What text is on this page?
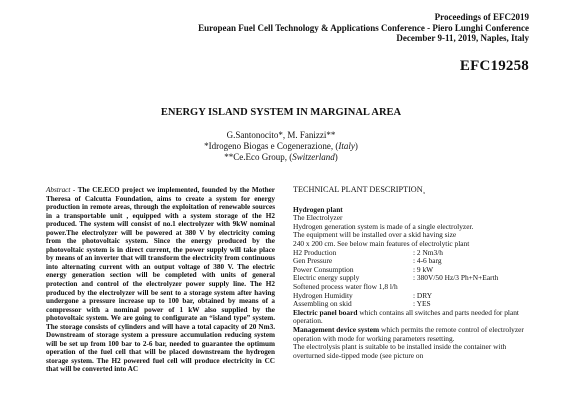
Proceedings of EFC2019
European Fuel Cell Technology & Applications Conference - Piero Lunghi Conference
December 9-11, 2019, Naples, Italy
EFC19258
ENERGY ISLAND SYSTEM IN MARGINAL AREA
G.Santonocito*, M. Fanizzi**
*Idrogeno Biogas e Cogenerazione, (Italy)
**Ce.Eco Group, (Switzerland)
Abstract - The CE.ECO project we implemented, founded by the Mother Theresa of Calcutta Foundation, aims to create a system for energy production in remote areas, through the exploitation of renewable sources in a transportable unit , equipped with a system storage of the H2 produced. The system will consist of no.1 electrolyzer with 9kW nominal power.The electrolyzer will be powered at 380 V by electricity coming from the photovoltaic system. Since the energy produced by the photovoltaic system is in direct current, the power supply will take place by means of an inverter that will transform the electricity from continuous into alternating current with an output voltage of 380 V. The electric energy generation section will be completed with units of general protection and control of the electrolyzer power supply line. The H2 produced by the electrolyzer will be sent to a storage system after having undergone a pressure increase up to 100 bar, obtained by means of a compressor with a nominal power of 1 kW also supplied by the photovoltaic system. We are going to configurate an “island type” system. The storage consists of cylinders and will have a total capacity of 20 Nm3. Downstream of storage system a pressure accumulation reducing system will be set up from 100 bar to 2-6 bar, needed to guarantee the optimum operation of the fuel cell that will be placed downstream the hydrogen storage system. The H2 powered fuel cell will produce electricity in CC that will be converted into AC
TECHNICAL PLANT DESCRIPTION¸
Hydrogen plant
The Electrolyzer
Hydrogen generation system is made of a single electrolyzer.
The equipment will be installed over a skid having size
240 x 200 cm. See below main features of electrolytic plant
H2 Production	: 2 Nm3/h
Gen Pressure	: 4-6 barg
Power Consumption	: 9 kW
Electric energy supply	: 380V/50 Hz/3 Ph+N+Earth
Softened process water flow 1,8 l/h	
Hydrogen Humidity	: DRY
Assembling on skid	: YES

Electric panel board which contains all switches and parts needed for plant operation.

Management device system which permits the remote control of electrolyzer operation with mode for working parameters resetting.

The electrolysis plant is suitable to be installed inside the container with overturned side-tipped mode (see picture on
